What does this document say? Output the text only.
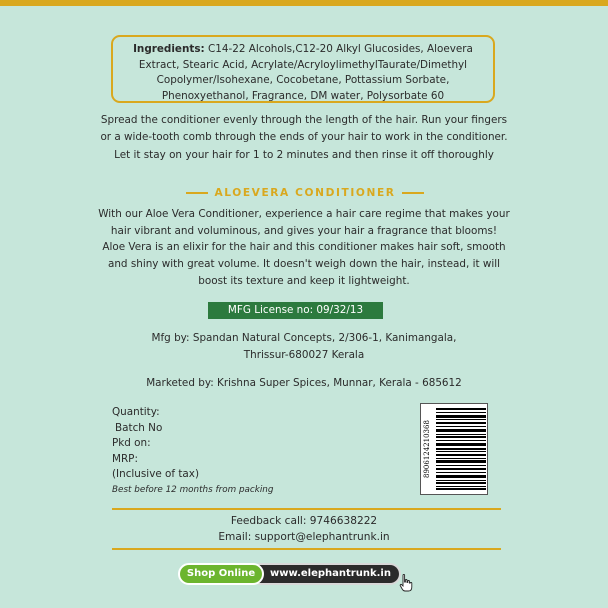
Ingredients: C14-22 Alcohols,C12-20 Alkyl Glucosides, Aloevera Extract, Stearic Acid, Acrylate/AcryloylimethylTaurate/Dimethyl Copolymer/Isohexane, Cocobetane, Pottassium Sorbate, Phenoxyethanol, Fragrance, DM water, Polysorbate 60
Spread the conditioner evenly through the length of the hair. Run your fingers or a wide-tooth comb through the ends of your hair to work in the conditioner. Let it stay on your hair for 1 to 2 minutes and then rinse it off thoroughly
ALOEVERA CONDITIONER
With our Aloe Vera Conditioner, experience a hair care regime that makes your hair vibrant and voluminous, and gives your hair a fragrance that blooms! Aloe Vera is an elixir for the hair and this conditioner makes hair soft, smooth and shiny with great volume. It doesn't weigh down the hair, instead, it will boost its texture and keep it lightweight.
MFG License no: 09/32/13
Mfg by: Spandan Natural Concepts, 2/306-1, Kanimangala, Thrissur-680027 Kerala
Marketed by: Krishna Super Spices, Munnar, Kerala - 685612
Quantity:
Batch No
Pkd on:
MRP:
(Inclusive of tax)
Best before 12 months from packing
8906124210368
Feedback call: 9746638222
Email: support@elephantrunk.in
Shop Online	www.elephantrunk.in
